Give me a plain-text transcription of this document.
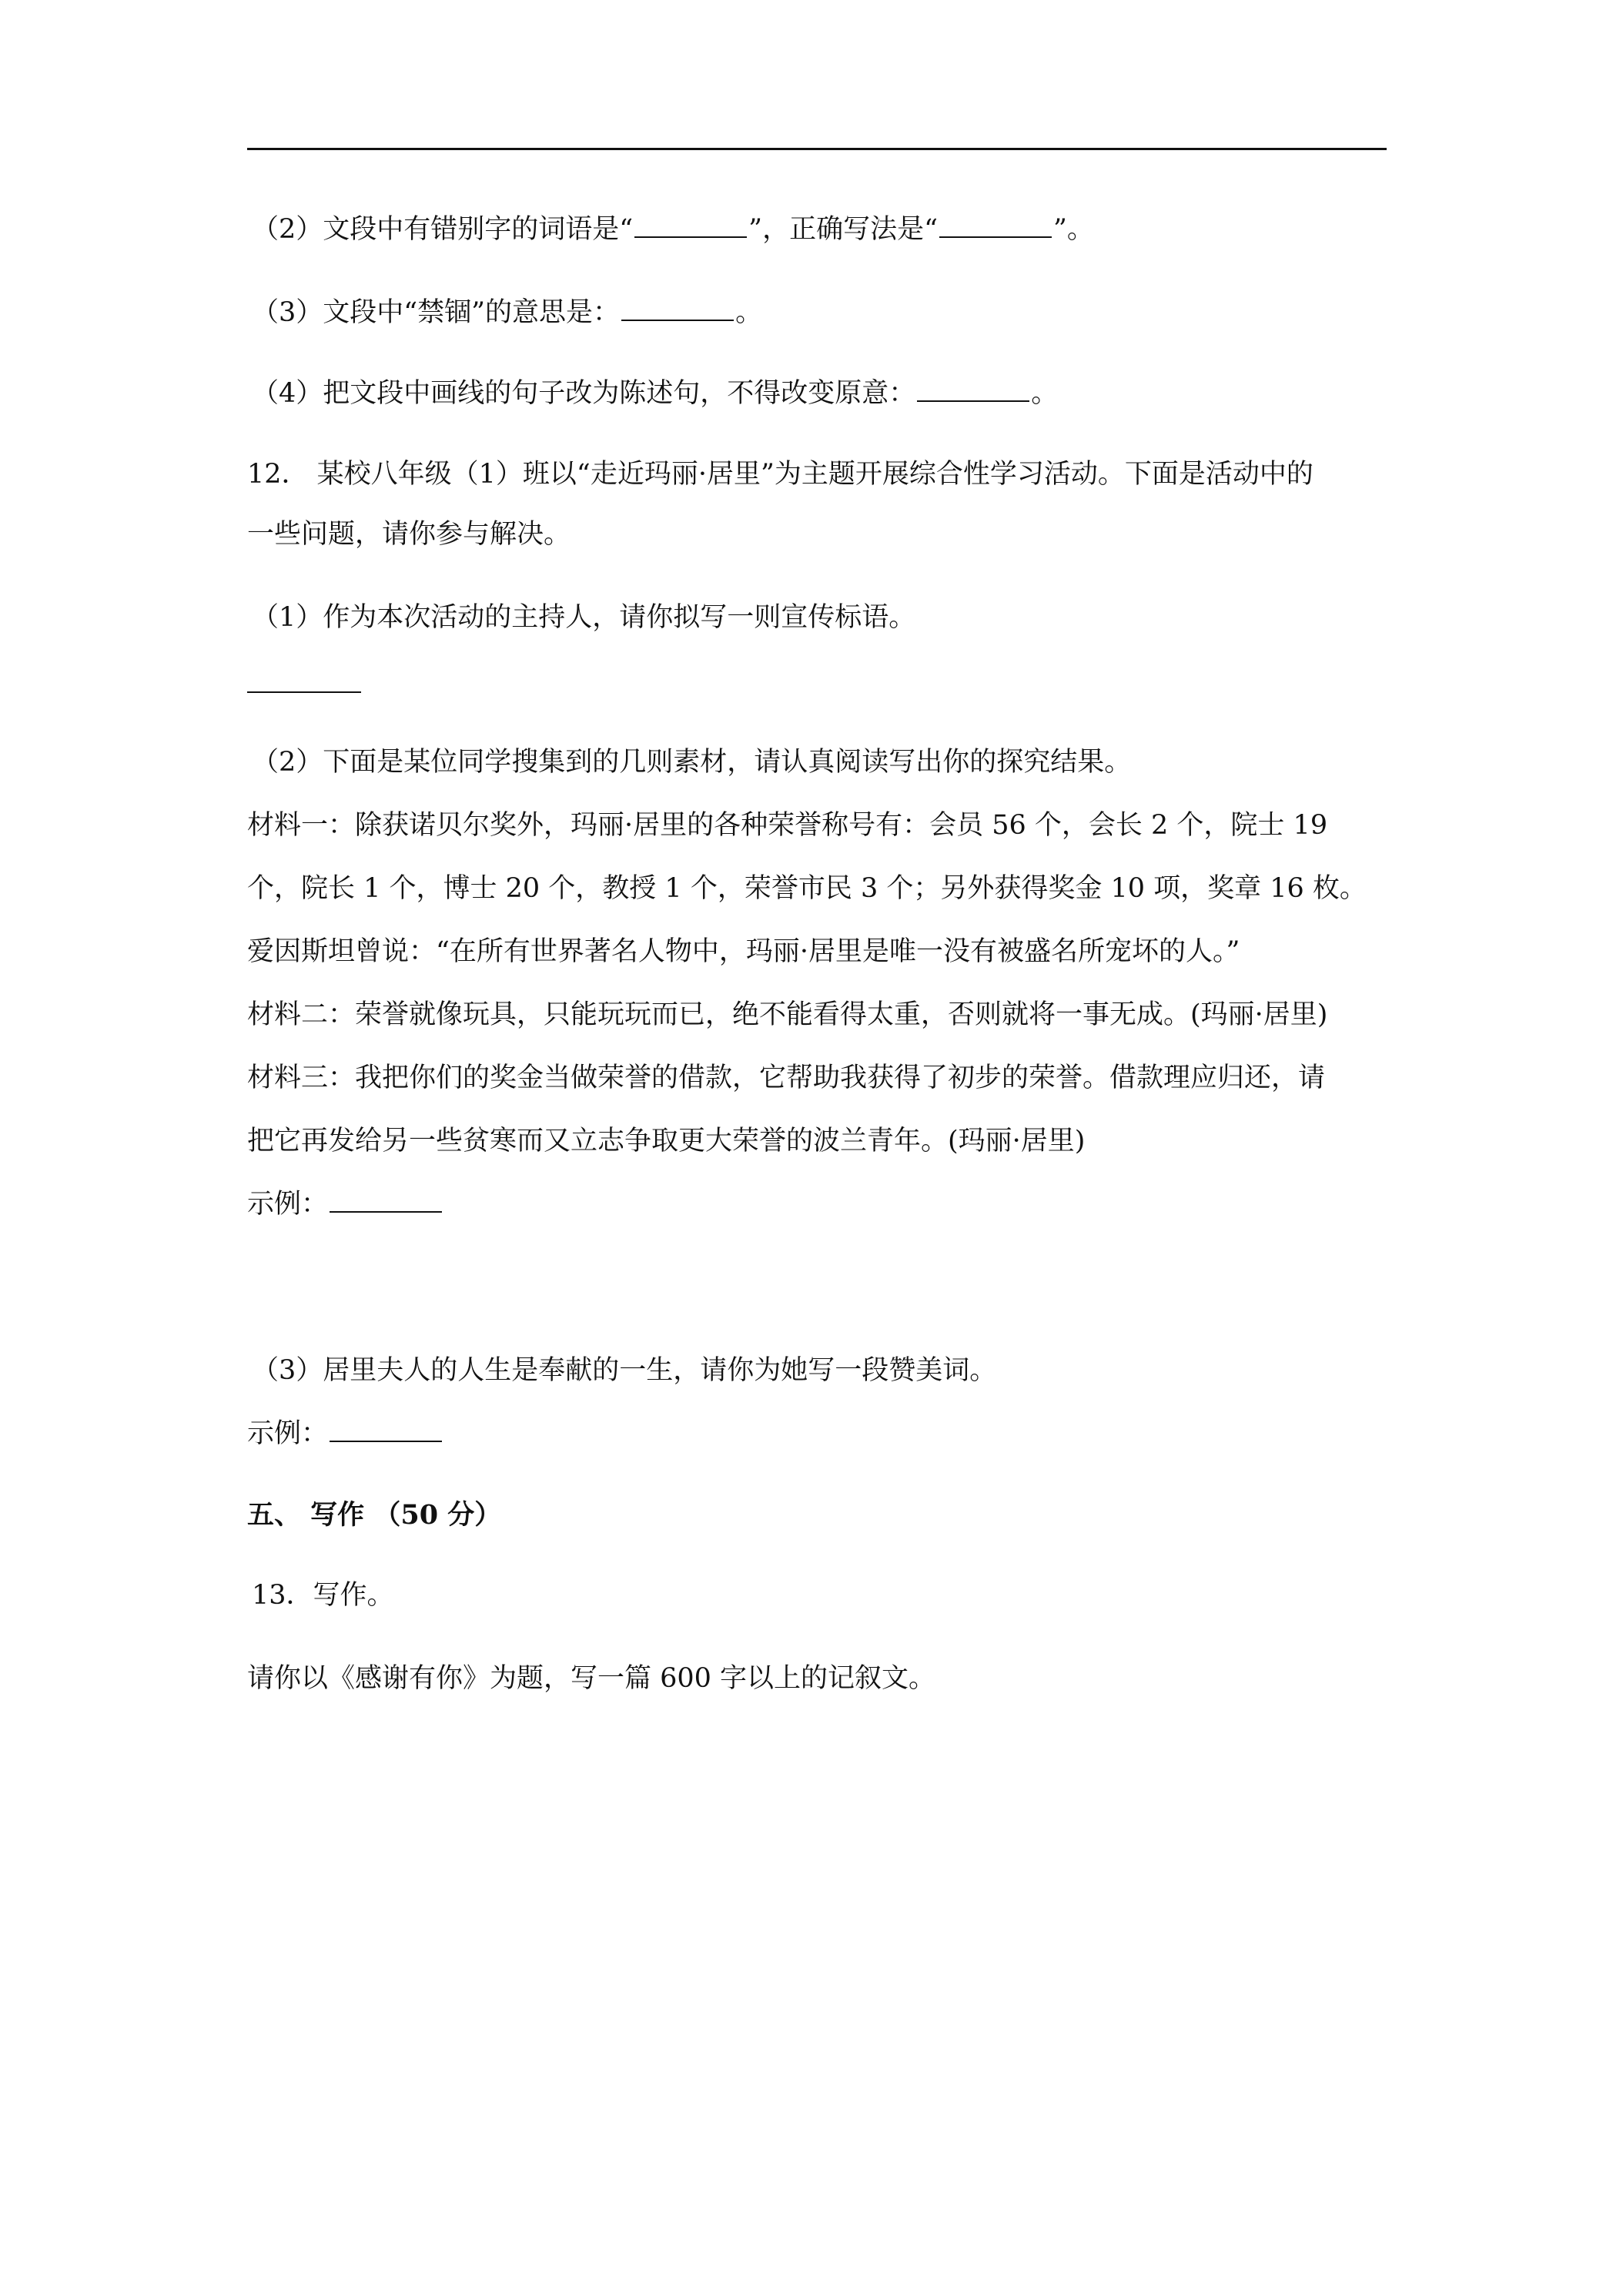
（2）文段中有错别字的词语是“	”，正确写法是“	”。
（3）文段中“禁锢”的意思是：	。
（4）把文段中画线的句子改为陈述句，不得改变原意：	。
12． 某校八年级（1）班以“走近玛丽·居里”为主题开展综合性学习活动。下面是活动中的
一些问题，请你参与解决。
（1）作为本次活动的主持人，请你拟写一则宣传标语。
（2）下面是某位同学搜集到的几则素材，请认真阅读写出你的探究结果。
材料一：除获诺贝尔奖外，玛丽·居里的各种荣誉称号有：会员 56 个，会长 2 个，院士 19
个，院长 1 个，博士 20 个，教授 1 个，荣誉市民 3 个；另外获得奖金 10 项，奖章 16 枚。
爱因斯坦曾说：“在所有世界著名人物中，玛丽·居里是唯一没有被盛名所宠坏的人。”
材料二：荣誉就像玩具，只能玩玩而已，绝不能看得太重，否则就将一事无成。(玛丽·居里)
材料三：我把你们的奖金当做荣誉的借款，它帮助我获得了初步的荣誉。借款理应归还，请
把它再发给另一些贫寒而又立志争取更大荣誉的波兰青年。(玛丽·居里)
示例：
（3）居里夫人的人生是奉献的一生，请你为她写一段赞美词。
示例：
五、 写作 （50 分）
13．写作。
请你以《感谢有你》为题，写一篇 600 字以上的记叙文。
